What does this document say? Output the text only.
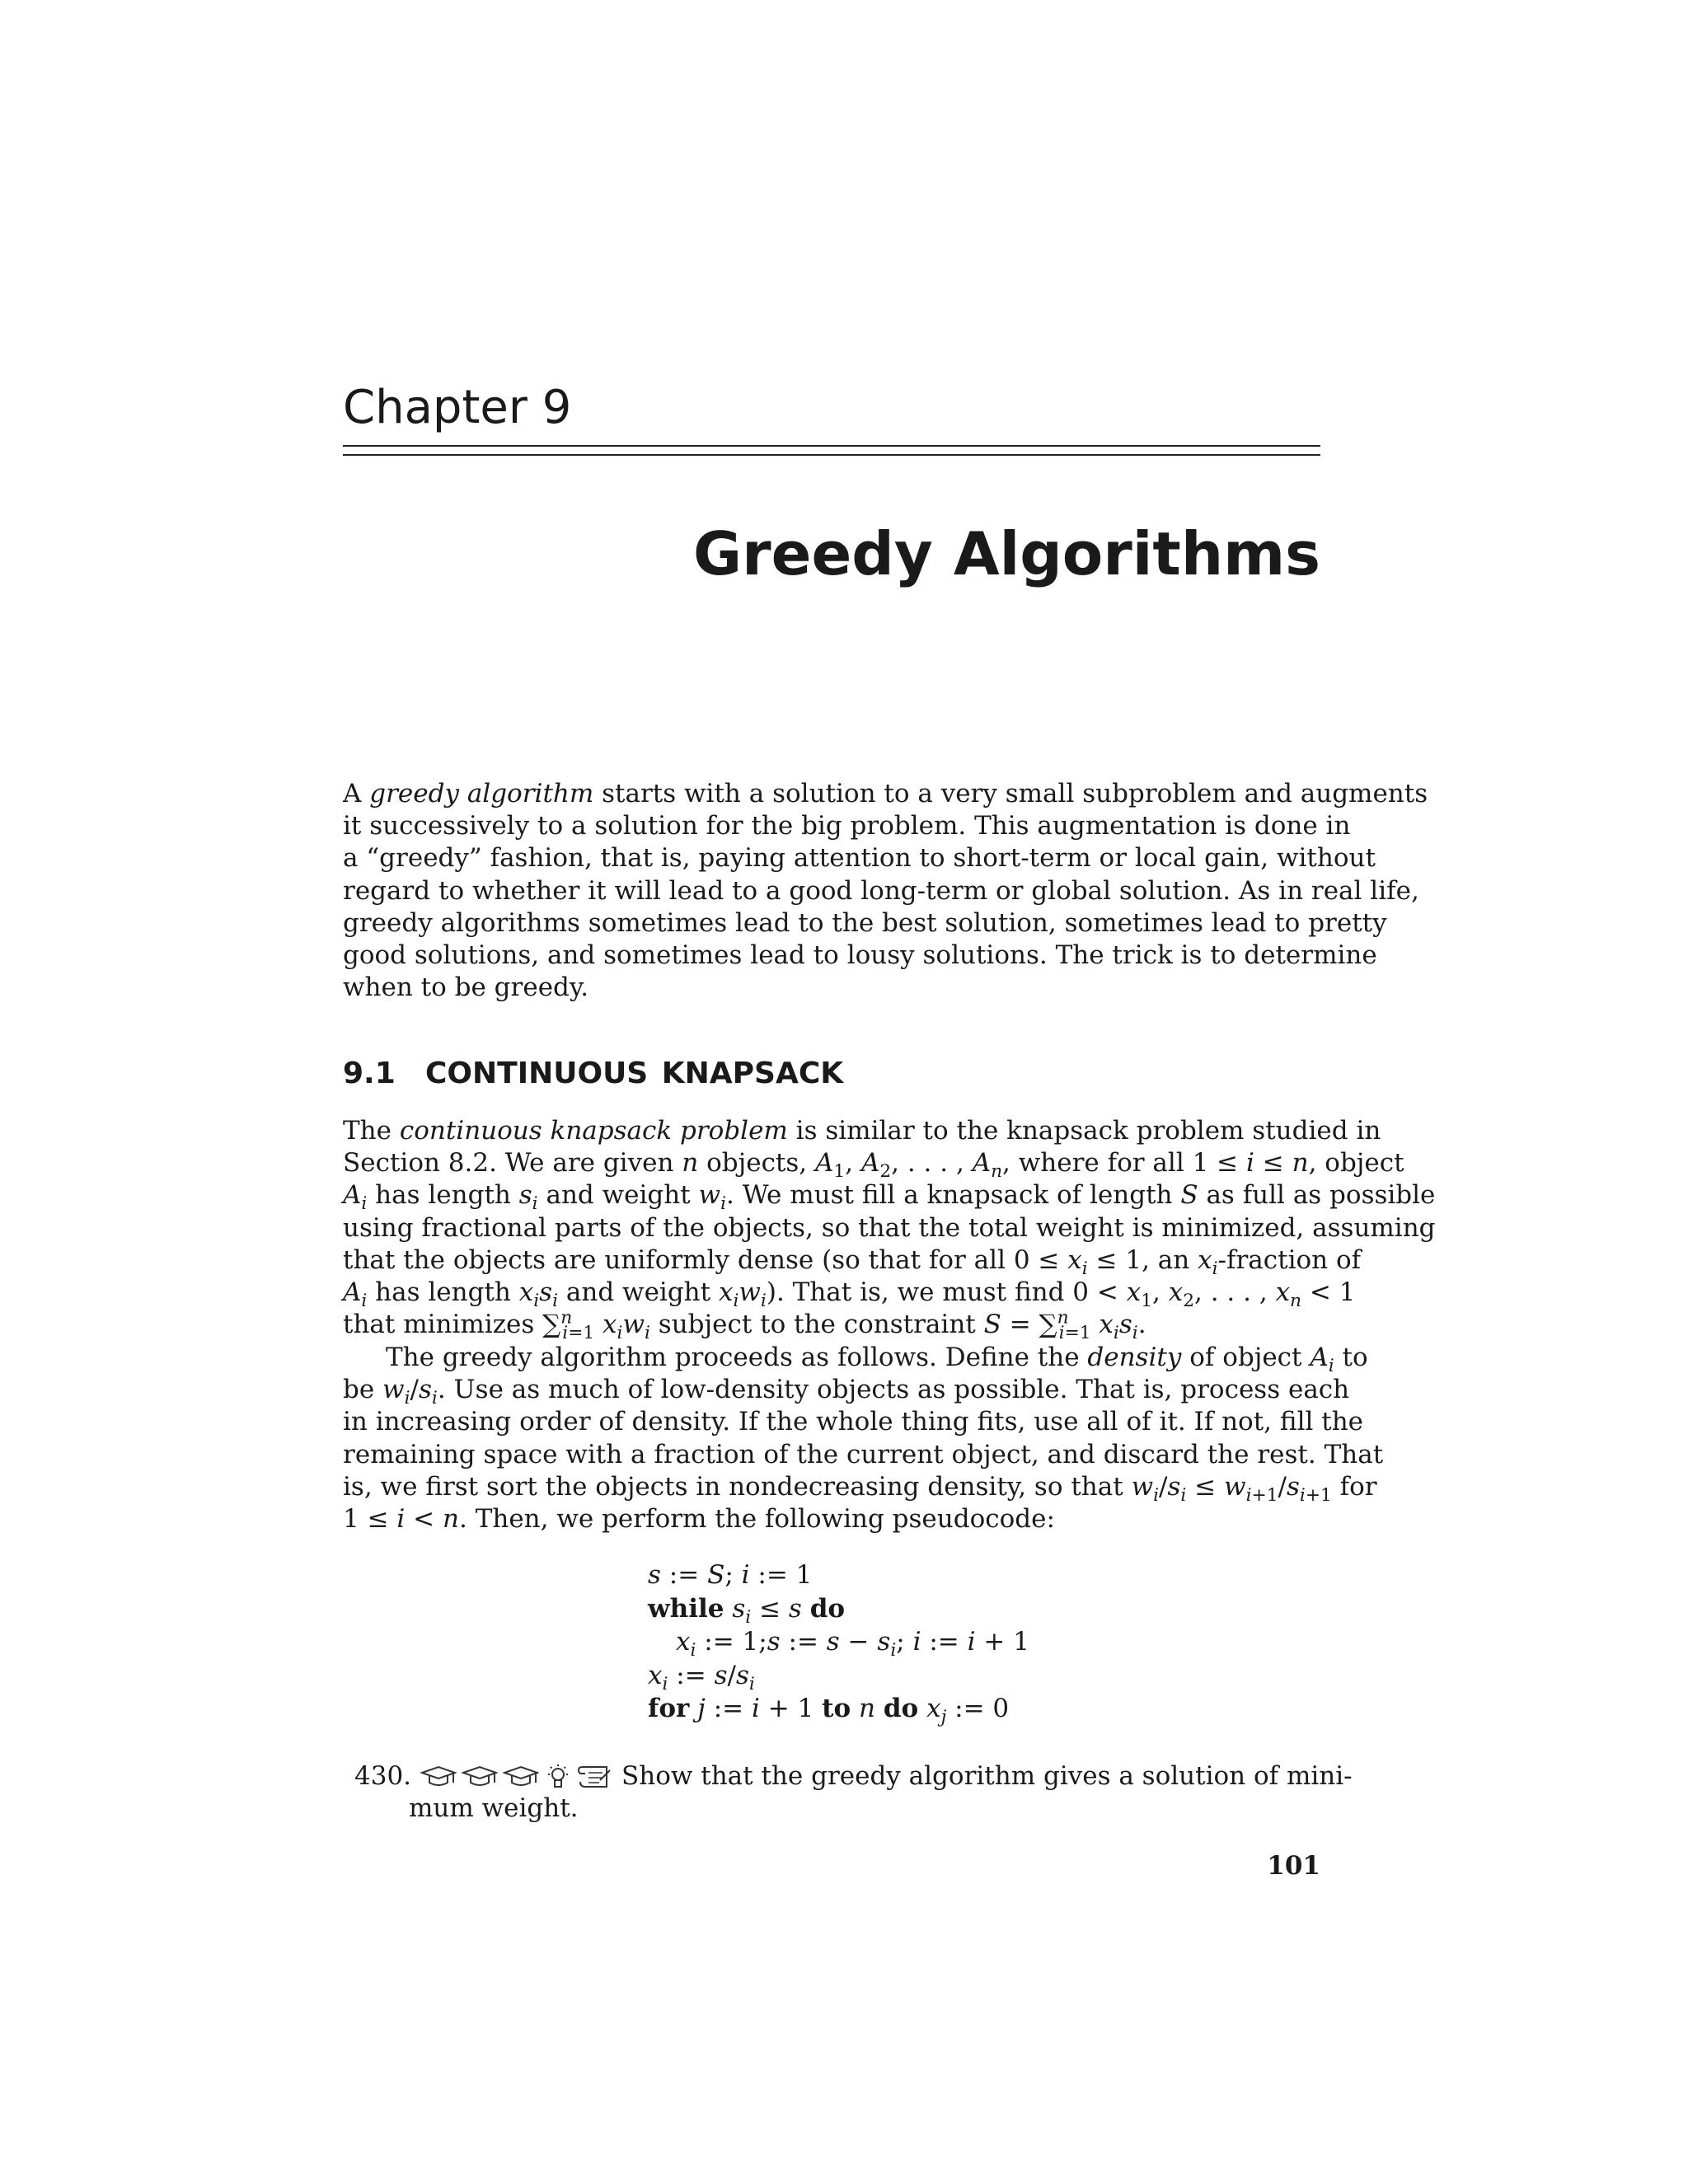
Chapter 9
Greedy Algorithms
A greedy algorithm starts with a solution to a very small subproblem and augments
it successively to a solution for the big problem. This augmentation is done in
a “greedy” fashion, that is, paying attention to short-term or local gain, without
regard to whether it will lead to a good long-term or global solution. As in real life,
greedy algorithms sometimes lead to the best solution, sometimes lead to pretty
good solutions, and sometimes lead to lousy solutions. The trick is to determine
when to be greedy.
9.1 CONTINUOUS KNAPSACK
The continuous knapsack problem is similar to the knapsack problem studied in
Section 8.2. We are given n objects, $A_1$, $A_2$, . . . , $A_n$, where for all 1 ≤ i ≤ n, object
$A_i$ has length $s_i$ and weight $w_i$. We must fill a knapsack of length S as full as possible
using fractional parts of the objects, so that the total weight is minimized, assuming
that the objects are uniformly dense (so that for all $0 \le x_i \le 1$, an $x_i$-fraction of
$A_i$ has length $x_is_i$ and weight $x_iw_i$). That is, we must find $0 < x_1$, $x_2$, . . . , $x_n < 1$
that minimizes ∑$^n_{i=1}$ $x_iw_i$ subject to the constraint S = ∑$^n_{i=1}$ $x_is_i$.
The greedy algorithm proceeds as follows. Define the density of object $A_i$ to
be $w_i/s_i$. Use as much of low-density objects as possible. That is, process each
in increasing order of density. If the whole thing fits, use all of it. If not, fill the
remaining space with a fraction of the current object, and discard the rest. That
is, we first sort the objects in nondecreasing density, so that $w_i/s_i \le w_{i+1}/s_{i+1}$ for
1 ≤ i < n. Then, we perform the following pseudocode:
s := S; i := 1
while $s_i \le s$ do
$x_i$ := 1;s := $s - s_i$; i := i + 1
$x_i$ := $s/s_i$
for j := i + 1 to n do $x_j$ := 0
430.	Show that the greedy algorithm gives a solution of mini-
mum weight.
101
